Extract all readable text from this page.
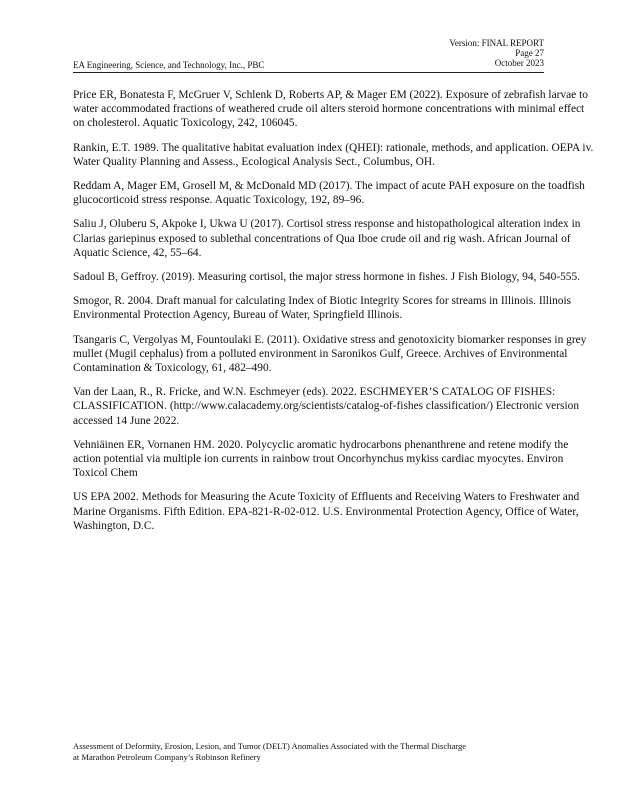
Version: FINAL REPORT
Page 27
October 2023
EA Engineering, Science, and Technology, Inc., PBC

Price ER, Bonatesta F, McGruer V, Schlenk D, Roberts AP, & Mager EM (2022). Exposure of zebrafish larvae to water accommodated fractions of weathered crude oil alters steroid hormone concentrations with minimal effect on cholesterol. Aquatic Toxicology, 242, 106045.

Rankin, E.T. 1989. The qualitative habitat evaluation index (QHEI): rationale, methods, and application. OEPA iv. Water Quality Planning and Assess., Ecological Analysis Sect., Columbus, OH.

Reddam A, Mager EM, Grosell M, & McDonald MD (2017). The impact of acute PAH exposure on the toadfish glucocorticoid stress response. Aquatic Toxicology, 192, 89–96.

Saliu J, Oluberu S, Akpoke I, Ukwa U (2017). Cortisol stress response and histopathological alteration index in Clarias gariepinus exposed to sublethal concentrations of Qua Iboe crude oil and rig wash. African Journal of Aquatic Science, 42, 55–64.

Sadoul B, Geffroy. (2019). Measuring cortisol, the major stress hormone in fishes. J Fish Biology, 94, 540-555.

Smogor, R. 2004. Draft manual for calculating Index of Biotic Integrity Scores for streams in Illinois. Illinois Environmental Protection Agency, Bureau of Water, Springfield Illinois.

Tsangaris C, Vergolyas M, Fountoulaki E. (2011). Oxidative stress and genotoxicity biomarker responses in grey mullet (Mugil cephalus) from a polluted environment in Saronikos Gulf, Greece. Archives of Environmental Contamination & Toxicology, 61, 482–490.

Van der Laan, R., R. Fricke, and W.N. Eschmeyer (eds). 2022. ESCHMEYER’S CATALOG OF FISHES: CLASSIFICATION. (http://www.calacademy.org/scientists/catalog-of-fishes classification/) Electronic version accessed 14 June 2022.

Vehniäinen ER, Vornanen HM. 2020. Polycyclic aromatic hydrocarbons phenanthrene and retene modify the action potential via multiple ion currents in rainbow trout Oncorhynchus mykiss cardiac myocytes. Environ Toxicol Chem

US EPA 2002. Methods for Measuring the Acute Toxicity of Effluents and Receiving Waters to Freshwater and Marine Organisms. Fifth Edition. EPA-821-R-02-012. U.S. Environmental Protection Agency, Office of Water, Washington, D.C.

Assessment of Deformity, Erosion, Lesion, and Tumor (DELT) Anomalies Associated with the Thermal Discharge
at Marathon Petroleum Company’s Robinson Refinery
